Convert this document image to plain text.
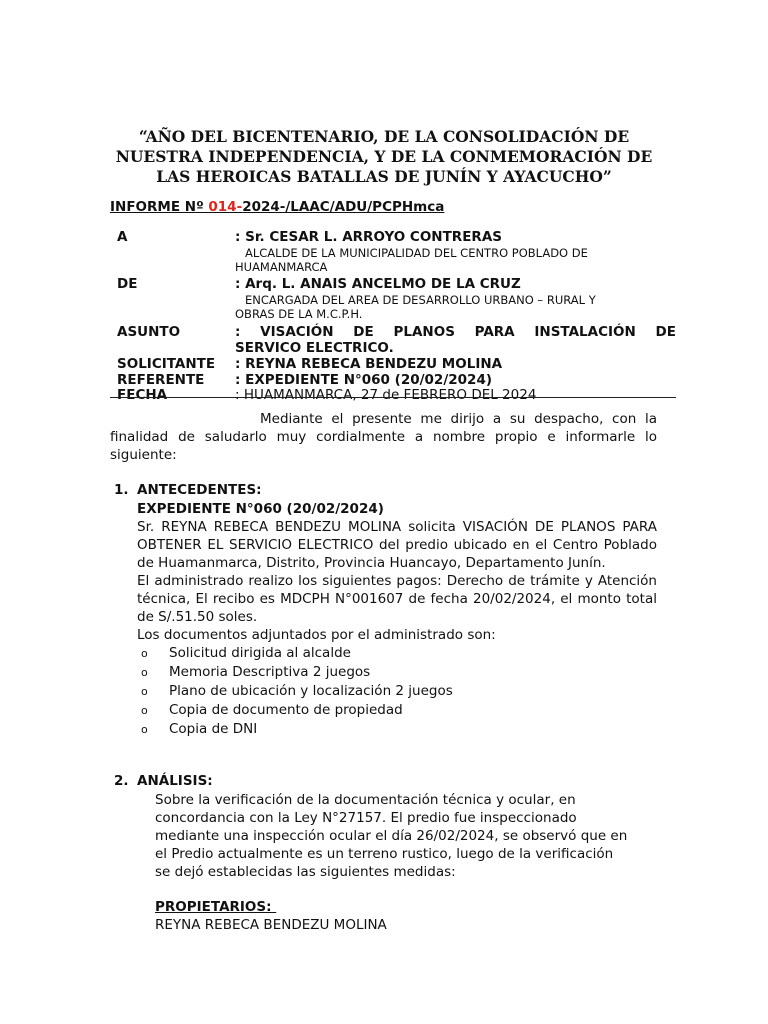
“AÑO DEL BICENTENARIO, DE LA CONSOLIDACIÓN DE
NUESTRA INDEPENDENCIA, Y DE LA CONMEMORACIÓN DE
LAS HEROICAS BATALLAS DE JUNÍN Y AYACUCHO”
INFORME Nº 014-2024-/LAAC/ADU/PCPHmca
A	: Sr. CESAR L. ARROYO CONTRERAS
ALCALDE DE LA MUNICIPALIDAD DEL CENTRO POBLADO DE
HUAMANMARCA
DE	: Arq. L. ANAIS ANCELMO DE LA CRUZ
ENCARGADA DEL AREA DE DESARROLLO URBANO – RURAL Y
OBRAS DE LA M.C.P.H.
ASUNTO	: VISACIÓN DE PLANOS PARA INSTALACIÓN DE
SERVICO ELECTRICO.
SOLICITANTE	: REYNA REBECA BENDEZU MOLINA
REFERENTE	: EXPEDIENTE N°060 (20/02/2024)
FECHA	: HUAMANMARCA, 27 de FEBRERO DEL 2024
Mediante el presente me dirijo a su despacho, con la finalidad de saludarlo muy cordialmente a nombre propio e informarle lo siguiente:
1. ANTECEDENTES:
EXPEDIENTE N°060 (20/02/2024)
Sr. REYNA REBECA BENDEZU MOLINA solicita VISACIÓN DE PLANOS PARA OBTENER EL SERVICIO ELECTRICO del predio ubicado en el Centro Poblado de Huamanmarca, Distrito, Provincia Huancayo, Departamento Junín.
El administrado realizo los siguientes pagos: Derecho de trámite y Atención técnica, El recibo es MDCPH N°001607 de fecha 20/02/2024, el monto total de S/.51.50 soles.
Los documentos adjuntados por el administrado son:
o	Solicitud dirigida al alcalde
o	Memoria Descriptiva 2 juegos
o	Plano de ubicación y localización 2 juegos
o	Copia de documento de propiedad
o	Copia de DNI
2. ANÁLISIS:
Sobre la verificación de la documentación técnica y ocular, en
concordancia con la Ley N°27157. El predio fue inspeccionado
mediante una inspección ocular el día 26/02/2024, se observó que en
el Predio actualmente es un terreno rustico, luego de la verificación
se dejó establecidas las siguientes medidas:
PROPIETARIOS:
REYNA REBECA BENDEZU MOLINA
